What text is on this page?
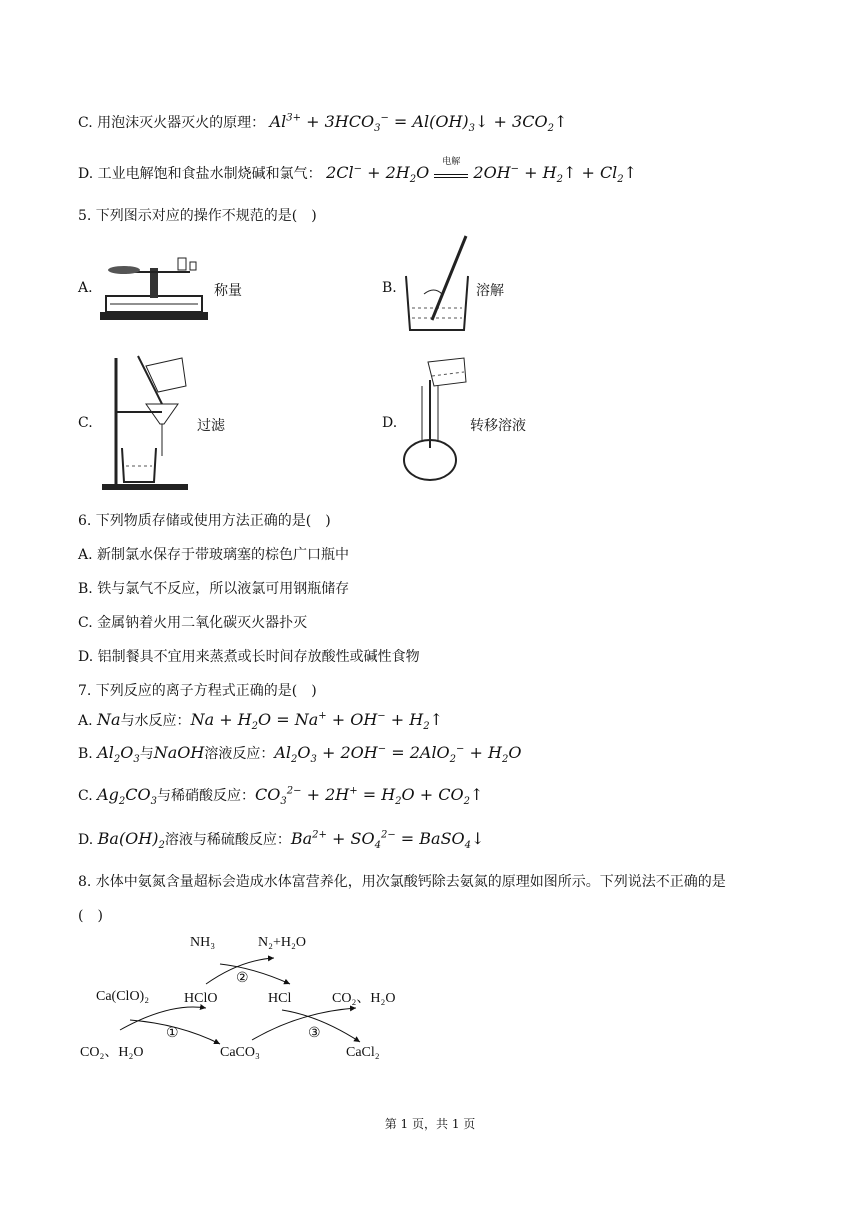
C. 用泡沫灭火器灭火的原理： $Al^{3+} + 3HCO_3^-$ = $Al(OH)_3↓$ + $3CO_2↑$
D. 工业电解饱和食盐水制烧碱和氯气： $2Cl^- + 2H_2O$
电解
$2OH^- + H_2↑$ + $Cl_2↑$
5. 下列图示对应的操作不规范的是(　)
A.	称量	B.	溶解
C.	过滤	D.	转移溶液
6. 下列物质存储或使用方法正确的是(　)
A. 新制氯水保存于带玻璃塞的棕色广口瓶中
B. 铁与氯气不反应，所以液氯可用钢瓶储存
C. 金属钠着火用二氧化碳灭火器扑灭
D. 铝制餐具不宜用来蒸煮或长时间存放酸性或碱性食物
7. 下列反应的离子方程式正确的是(　)
A. Na与水反应：$Na + H_2O = Na^+ + OH^-$ + $H_2↑$
B. $Al_2O_3$与NaOH溶液反应：$Al_2O_3 + 2OH^- = 2AlO_2^- + H_2O$
C. $Ag_2CO_3$与稀硝酸反应：$CO_3^{2-} + 2H^+ = H_2O$ + $CO_2↑$
D. $Ba(OH)_2$溶液与稀硫酸反应：$Ba^{2+} + SO_4^{2-}$ = BaSO$_4$↓
8. 水体中氨氮含量超标会造成水体富营养化，用次氯酸钙除去氨氮的原理如图所示。下列说法不正确的是
(　)
NH₃	N₂+H₂O
Ca(ClO)₂ HClO	HCl	CO₂、H₂O
CO₂、H₂O	CaCO₃	CaCl₂
①
②
③
第 1 页，共 1 页
